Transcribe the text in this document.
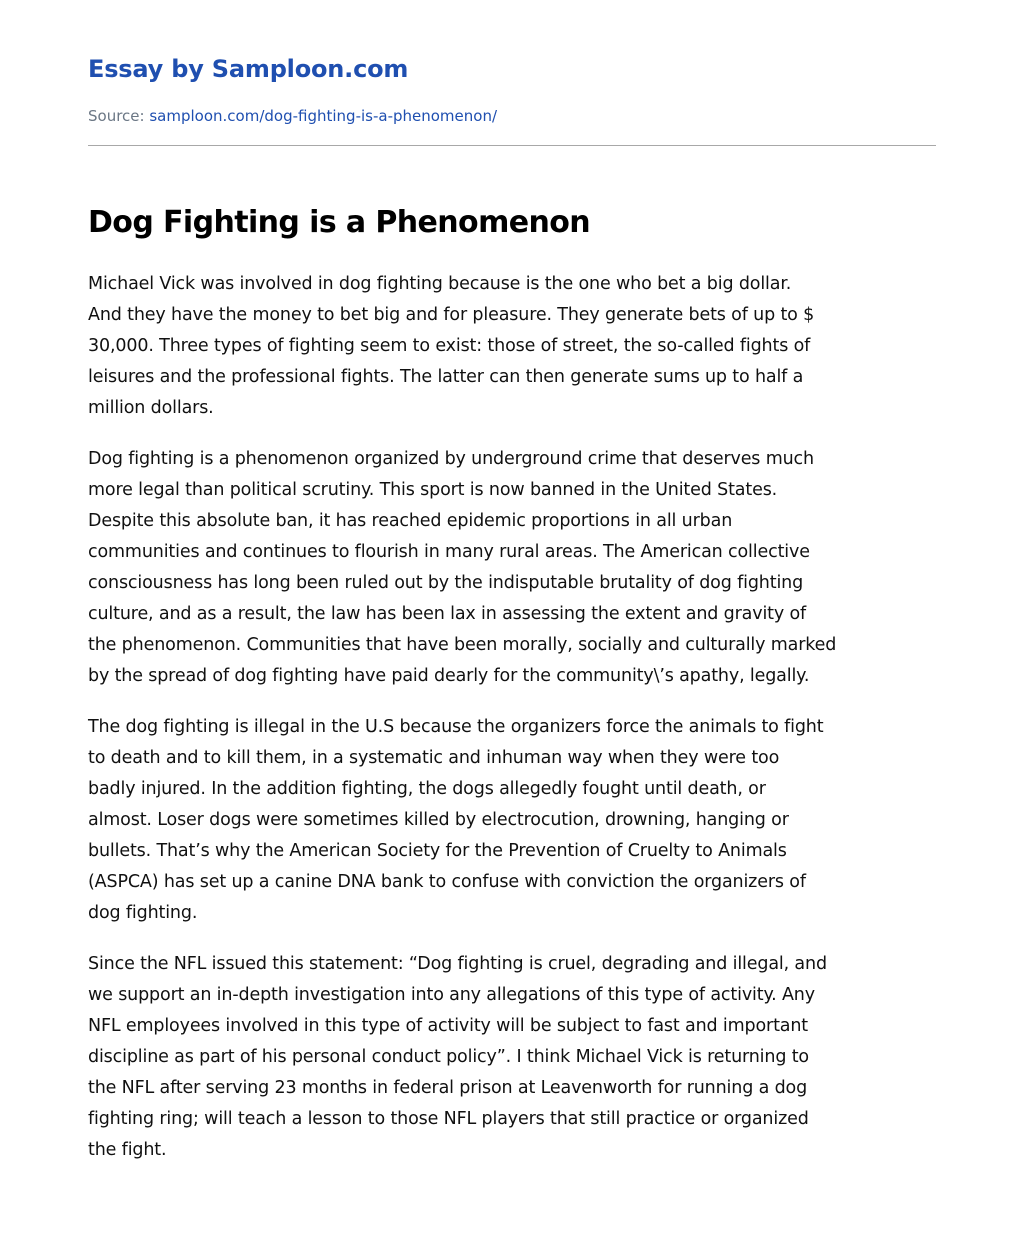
Essay by Samploon.com
Source: samploon.com/dog-fighting-is-a-phenomenon/
Dog Fighting is a Phenomenon

Michael Vick was involved in dog fighting because is the one who bet a big dollar.
And they have the money to bet big and for pleasure. They generate bets of up to $
30,000. Three types of fighting seem to exist: those of street, the so-called fights of
leisures and the professional fights. The latter can then generate sums up to half a
million dollars.

Dog fighting is a phenomenon organized by underground crime that deserves much
more legal than political scrutiny. This sport is now banned in the United States.
Despite this absolute ban, it has reached epidemic proportions in all urban
communities and continues to flourish in many rural areas. The American collective
consciousness has long been ruled out by the indisputable brutality of dog fighting
culture, and as a result, the law has been lax in assessing the extent and gravity of
the phenomenon. Communities that have been morally, socially and culturally marked
by the spread of dog fighting have paid dearly for the community\’s apathy, legally.

The dog fighting is illegal in the U.S because the organizers force the animals to fight
to death and to kill them, in a systematic and inhuman way when they were too
badly injured. In the addition fighting, the dogs allegedly fought until death, or
almost. Loser dogs were sometimes killed by electrocution, drowning, hanging or
bullets. That’s why the American Society for the Prevention of Cruelty to Animals
(ASPCA) has set up a canine DNA bank to confuse with conviction the organizers of
dog fighting.

Since the NFL issued this statement: “Dog fighting is cruel, degrading and illegal, and
we support an in-depth investigation into any allegations of this type of activity. Any
NFL employees involved in this type of activity will be subject to fast and important
discipline as part of his personal conduct policy”. I think Michael Vick is returning to
the NFL after serving 23 months in federal prison at Leavenworth for running a dog
fighting ring; will teach a lesson to those NFL players that still practice or organized
the fight.
